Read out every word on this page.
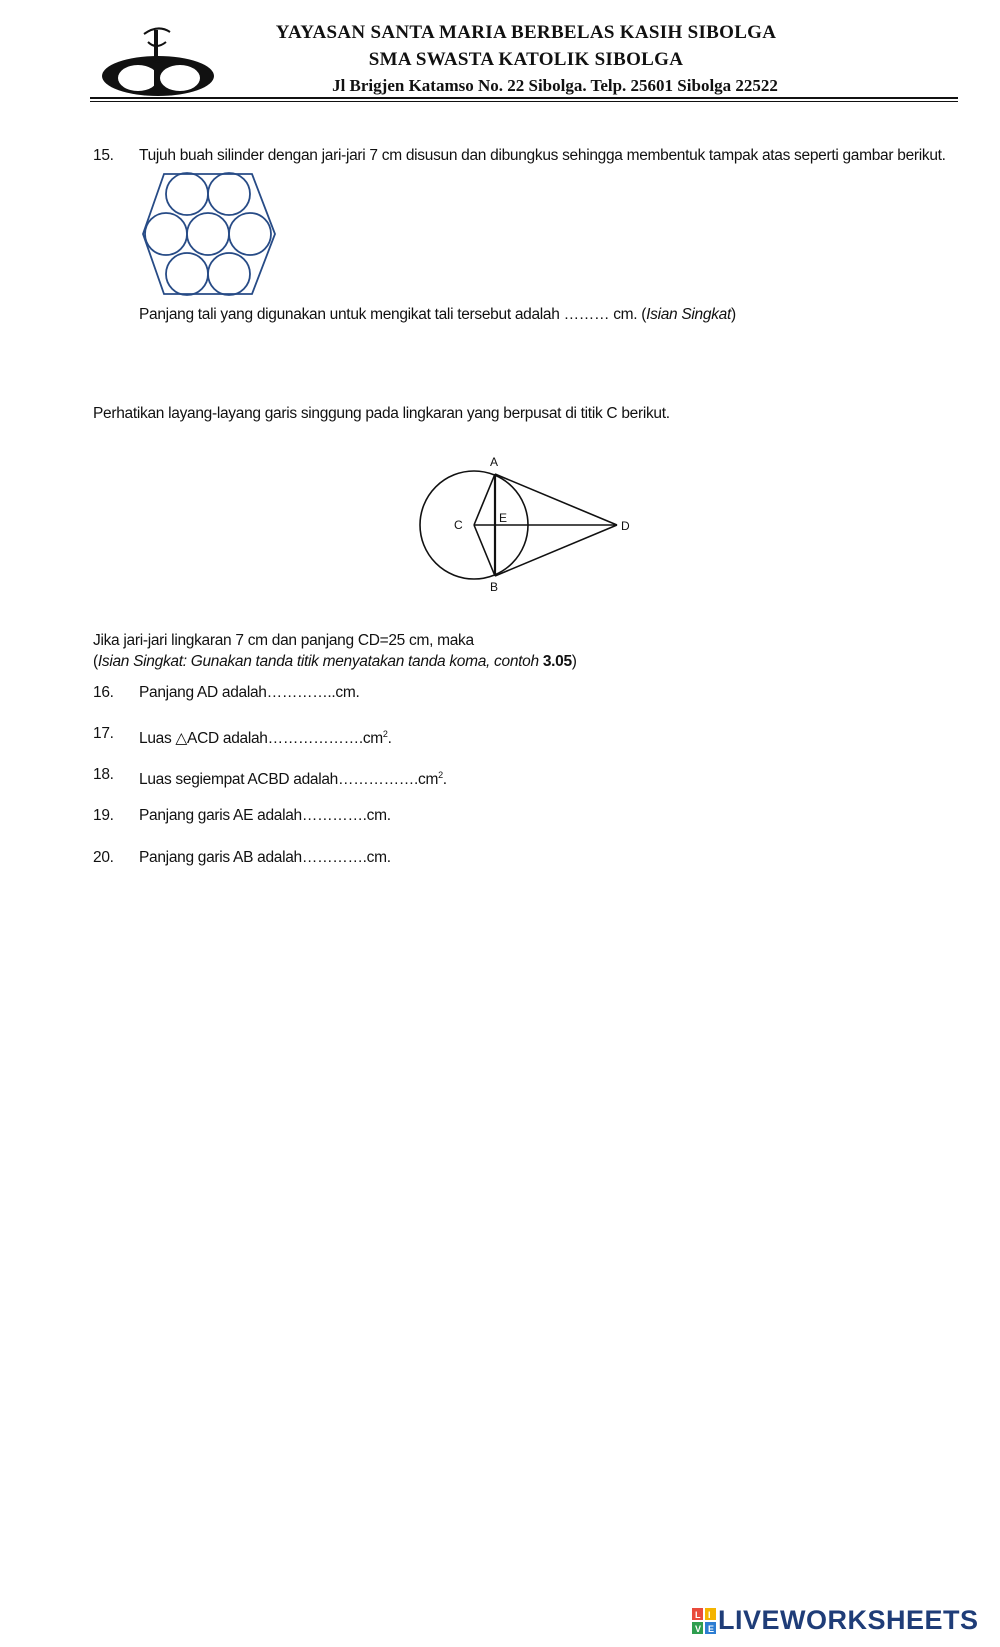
YAYASAN SANTA MARIA BERBELAS KASIH SIBOLGA
SMA SWASTA KATOLIK SIBOLGA
Jl Brigjen Katamso No. 22 Sibolga. Telp. 25601 Sibolga 22522
15. Tujuh buah silinder dengan jari-jari 7 cm disusun dan dibungkus sehingga membentuk tampak atas seperti gambar berikut.
Panjang tali yang digunakan untuk mengikat tali tersebut adalah ……… cm. (Isian Singkat)
Perhatikan layang-layang garis singgung pada lingkaran yang berpusat di titik C berikut.
A
B
C	D
E
Jika jari-jari lingkaran 7 cm dan panjang CD=25 cm, maka
(Isian Singkat: Gunakan tanda titik menyatakan tanda koma, contoh 3.05)
16. Panjang AD adalah…………..cm.
17. Luas △ACD $adalah\dots\dots\dots\dots\dots\dots.cm^2$.
18. Luas segiempat ACBD $adalah\dots\dots\dots\dots\dots.cm^2$.
19. Panjang garis AE adalah………….cm.
20. Panjang garis AB adalah………….cm.
L I
V E LIVEWORKSHEETS
